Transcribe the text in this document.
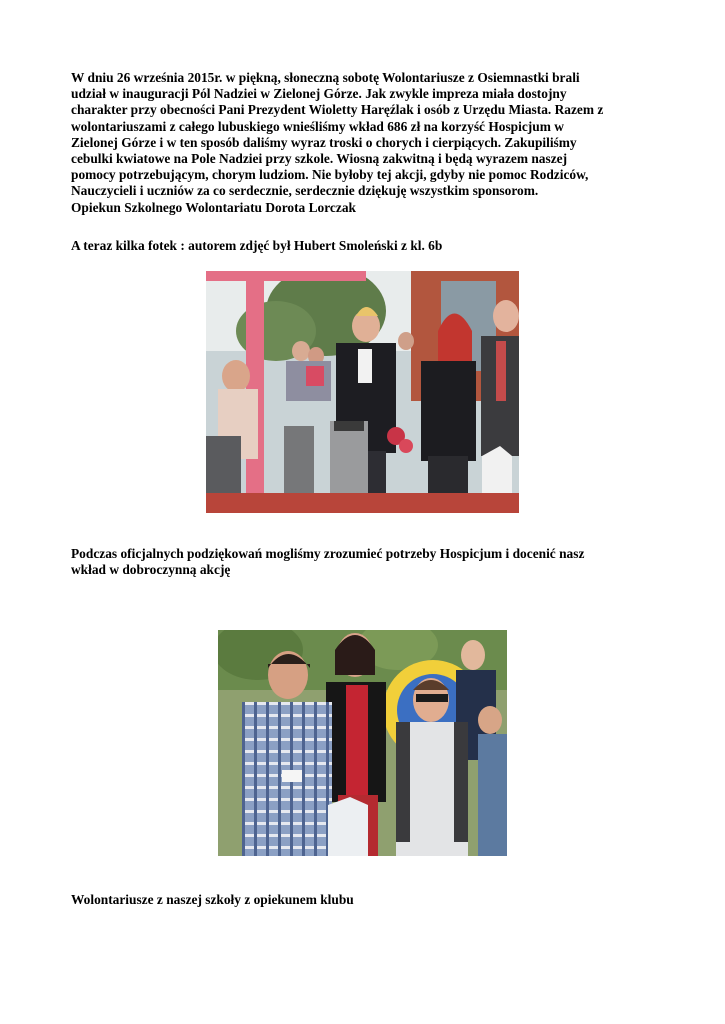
W dniu 26 września 2015r. w piękną, słoneczną sobotę Wolontariusze z Osiemnastki brali
udział w inauguracji Pól Nadziei w Zielonej Górze. Jak zwykle impreza miała dostojny
charakter przy obecności Pani Prezydent Wioletty Haręźlak i osób z Urzędu Miasta. Razem z
wolontariuszami z całego lubuskiego wnieśliśmy wkład 686 zł na korzyść Hospicjum w
Zielonej Górze i w ten sposób daliśmy wyraz troski o chorych i cierpiących. Zakupiliśmy
cebulki kwiatowe na Pole Nadziei przy szkole. Wiosną zakwitną i będą wyrazem naszej
pomocy potrzebującym, chorym ludziom. Nie byłoby tej akcji, gdyby nie pomoc Rodziców,
Nauczycieli i uczniów za co serdecznie, serdecznie dziękuję wszystkim sponsorom.
Opiekun Szkolnego Wolontariatu Dorota Lorczak

A teraz kilka fotek : autorem zdjęć był Hubert Smoleński z kl. 6b

Podczas oficjalnych podziękowań mogliśmy zrozumieć potrzeby Hospicjum i docenić nasz
wkład w dobroczynną akcję

Wolontariusze z naszej szkoły z opiekunem klubu
